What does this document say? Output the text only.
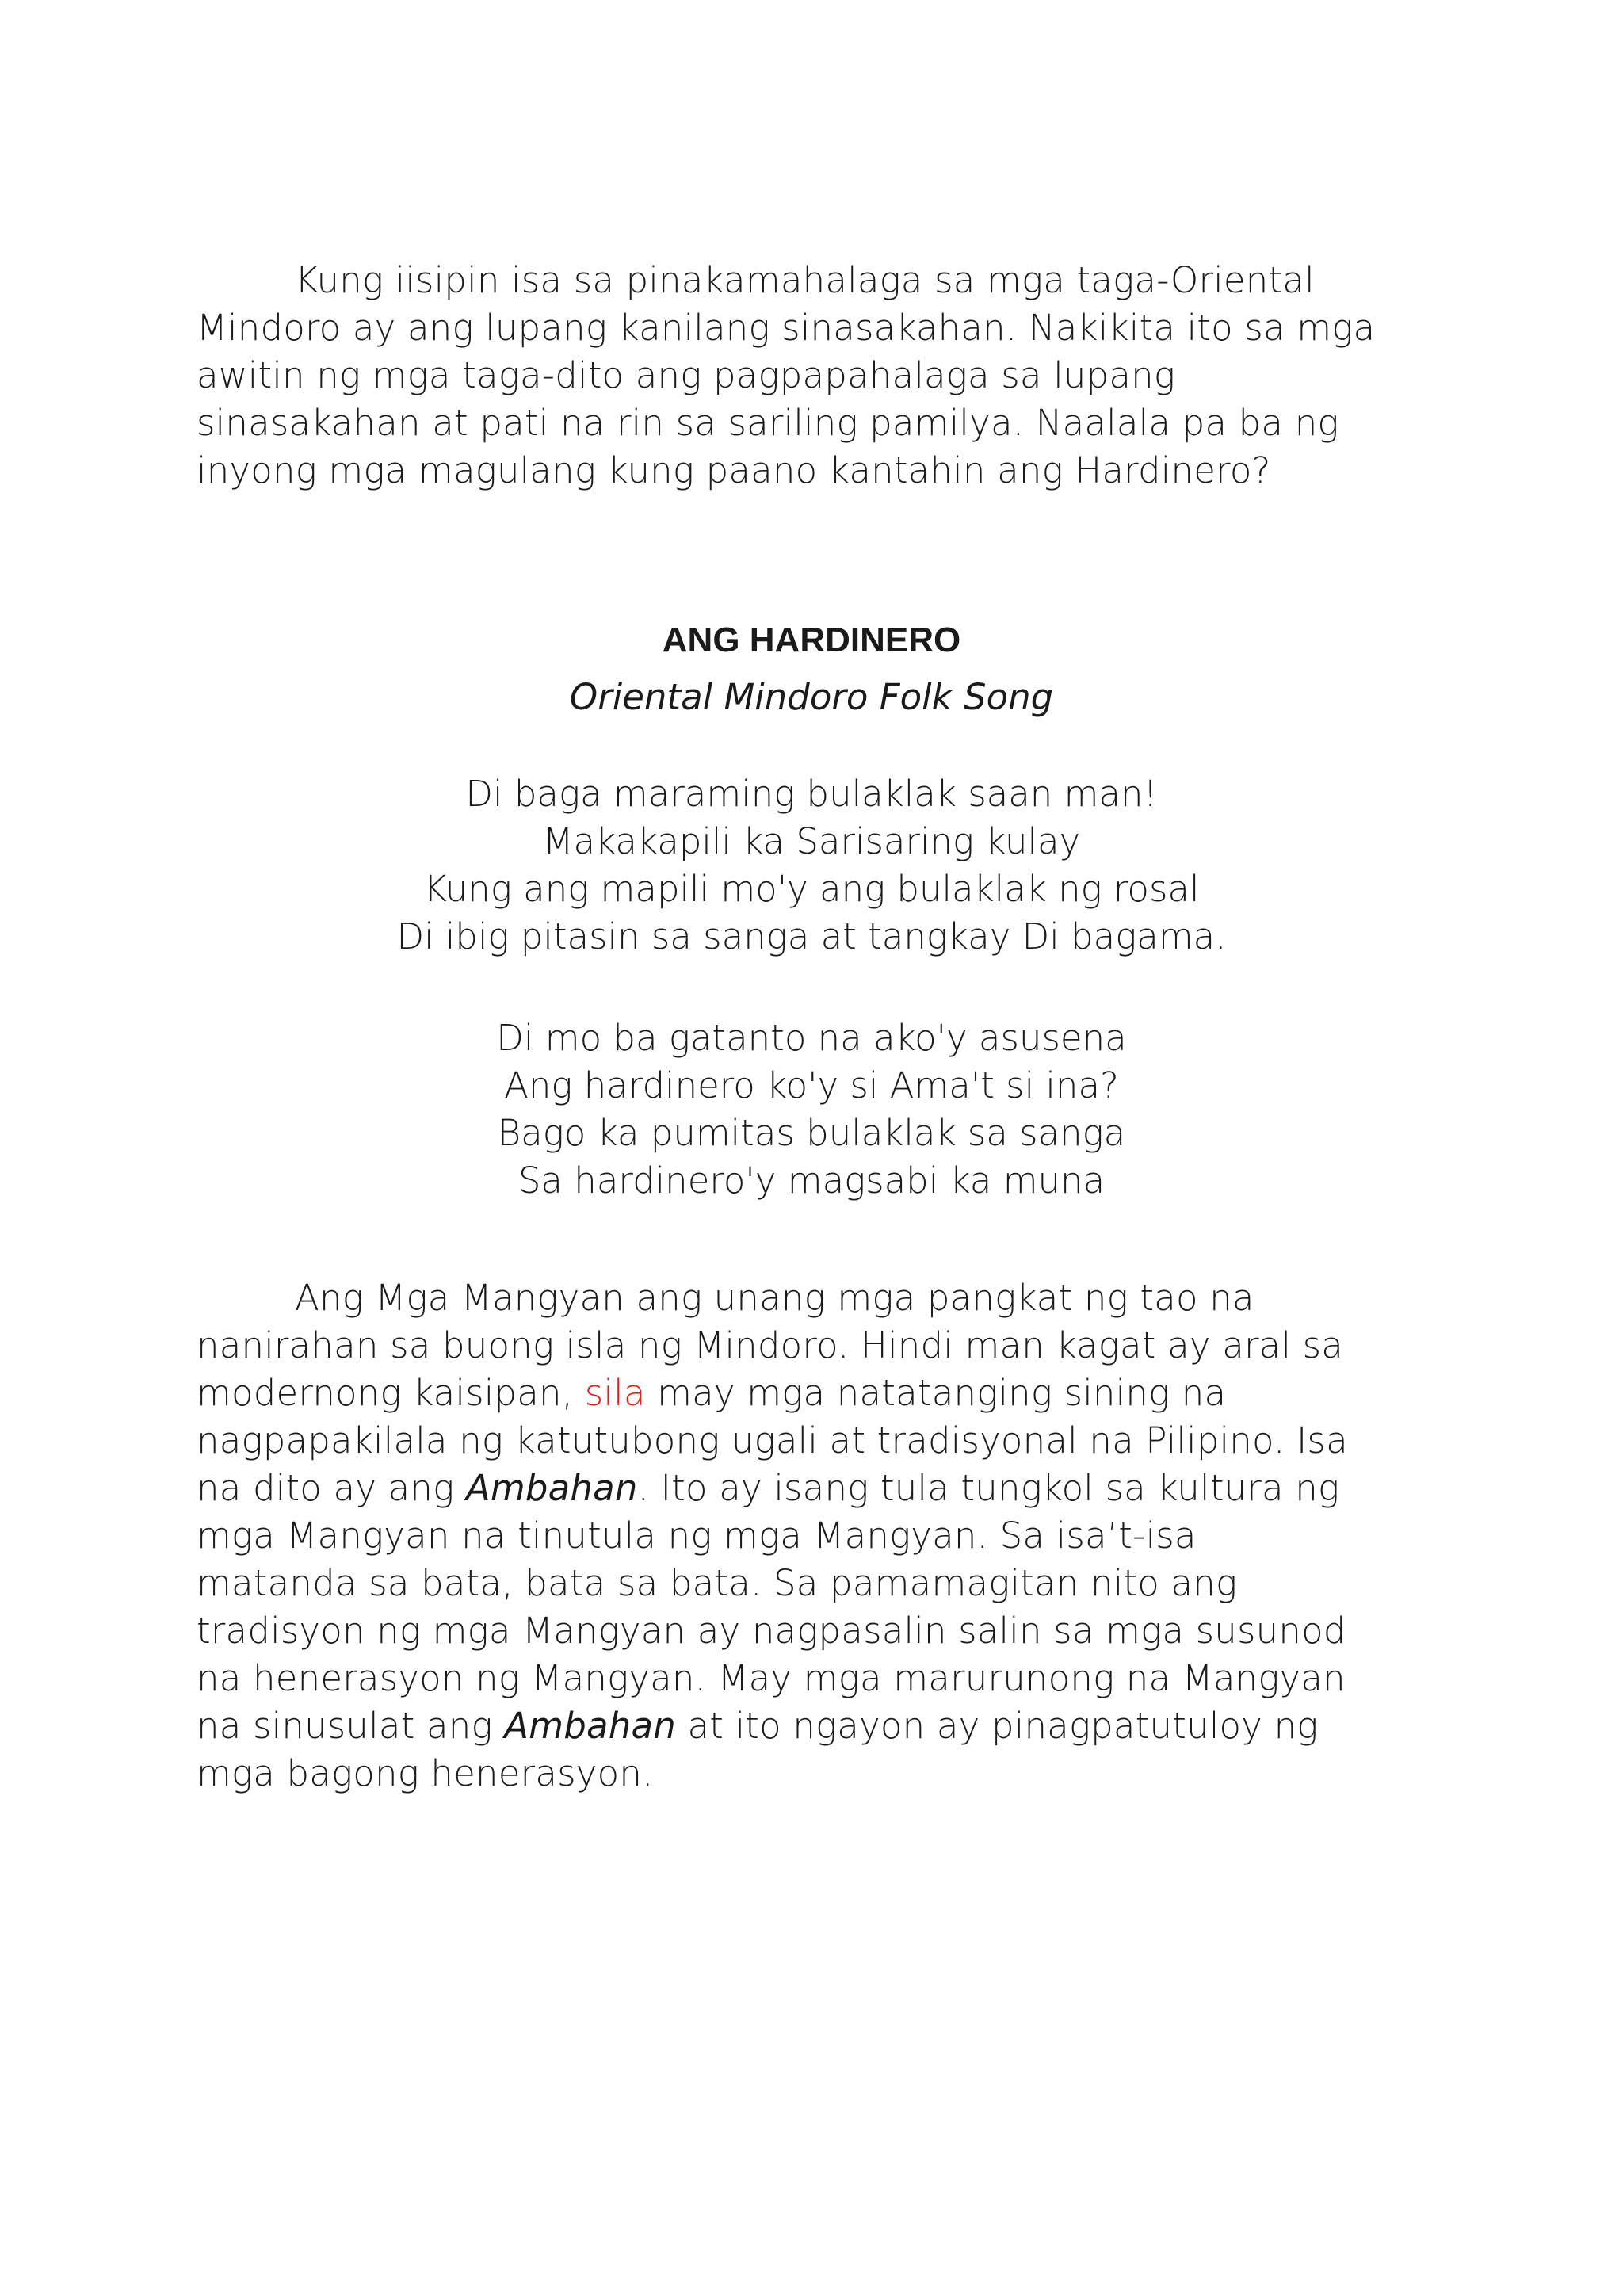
Kung iisipin isa sa pinakamahalaga sa mga taga-Oriental
Mindoro ay ang lupang kanilang sinasakahan. Nakikita ito sa mga
awitin ng mga taga-dito ang pagpapahalaga sa lupang
sinasakahan at pati na rin sa sariling pamilya. Naalala pa ba ng
inyong mga magulang kung paano kantahin ang Hardinero?
ANG HARDINERO
Oriental Mindoro Folk Song
Di baga maraming bulaklak saan man!
Makakapili ka Sarisaring kulay
Kung ang mapili mo'y ang bulaklak ng rosal
Di ibig pitasin sa sanga at tangkay Di bagama.
Di mo ba gatanto na ako'y asusena
Ang hardinero ko'y si Ama't si ina?
Bago ka pumitas bulaklak sa sanga
Sa hardinero'y magsabi ka muna
Ang Mga Mangyan ang unang mga pangkat ng tao na
nanirahan sa buong isla ng Mindoro. Hindi man kagat ay aral sa
modernong kaisipan, sila may mga natatanging sining na
nagpapakilala ng katutubong ugali at tradisyonal na Pilipino. Isa
na dito ay ang Ambahan. Ito ay isang tula tungkol sa kultura ng
mga Mangyan na tinutula ng mga Mangyan. Sa isa’t-isa
matanda sa bata, bata sa bata. Sa pamamagitan nito ang
tradisyon ng mga Mangyan ay nagpasalin salin sa mga susunod
na henerasyon ng Mangyan. May mga marurunong na Mangyan
na sinusulat ang Ambahan at ito ngayon ay pinagpatutuloy ng
mga bagong henerasyon.
